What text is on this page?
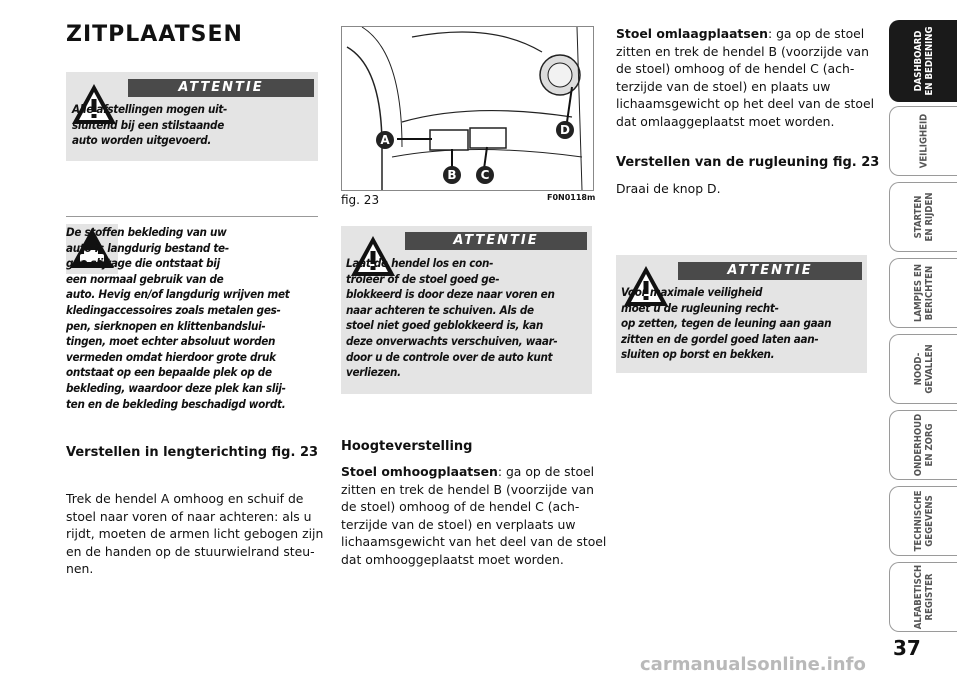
ZITPLAATSEN
ATTENTIE
Alle afstellingen mogen uit-
sluitend bij een stilstaande
auto worden uitgevoerd.
De stoffen bekleding van uw
auto is langdurig bestand te-
gen slijtage die ontstaat bij
een normaal gebruik van de
auto. Hevig en/of langdurig wrijven met
kledingaccessoires zoals metalen ges-
pen, sierknopen en klittenbandslui-
tingen, moet echter absoluut worden
vermeden omdat hierdoor grote druk
ontstaat op een bepaalde plek op de
bekleding, waardoor deze plek kan slij-
ten en de bekleding beschadigd wordt.
Verstellen in lengterichting fig. 23
Trek de hendel A omhoog en schuif de
stoel naar voren of naar achteren: als u
rijdt, moeten de armen licht gebogen zijn
en de handen op de stuurwielrand steu-
nen.
A
B	C
D
fig. 23	F0N0118m
ATTENTIE
Laat de hendel los en con-
troleer of de stoel goed ge-
blokkeerd is door deze naar voren en
naar achteren te schuiven. Als de
stoel niet goed geblokkeerd is, kan
deze onverwachts verschuiven, waar-
door u de controle over de auto kunt
verliezen.
Hoogteverstelling
Stoel omhoogplaatsen: ga op de stoel
zitten en trek de hendel B (voorzijde van
de stoel) omhoog of de hendel C (ach-
terzijde van de stoel) en verplaats uw
lichaamsgewicht van het deel van de stoel
dat omhooggeplaatst moet worden.
Stoel omlaagplaatsen: ga op de stoel
zitten en trek de hendel B (voorzijde van
de stoel) omhoog of de hendel C (ach-
terzijde van de stoel) en plaats uw
lichaamsgewicht op het deel van de stoel
dat omlaaggeplaatst moet worden.
Verstellen van de rugleuning fig. 23
Draai de knop D.
ATTENTIE
Voor maximale veiligheid
moet u de rugleuning recht-
op zetten, tegen de leuning aan gaan
zitten en de gordel goed laten aan-
sluiten op borst en bekken.
DASHBOARD
EN BEDIENING
VEILIGHEID
STARTEN
EN RIJDEN
LAMPJES EN
BERICHTEN
NOOD-
GEVALLEN
ONDERHOUD
EN ZORG
TECHNISCHE
GEGEVENS
ALFABETISCH
REGISTER
37
carmanualsonline.info
